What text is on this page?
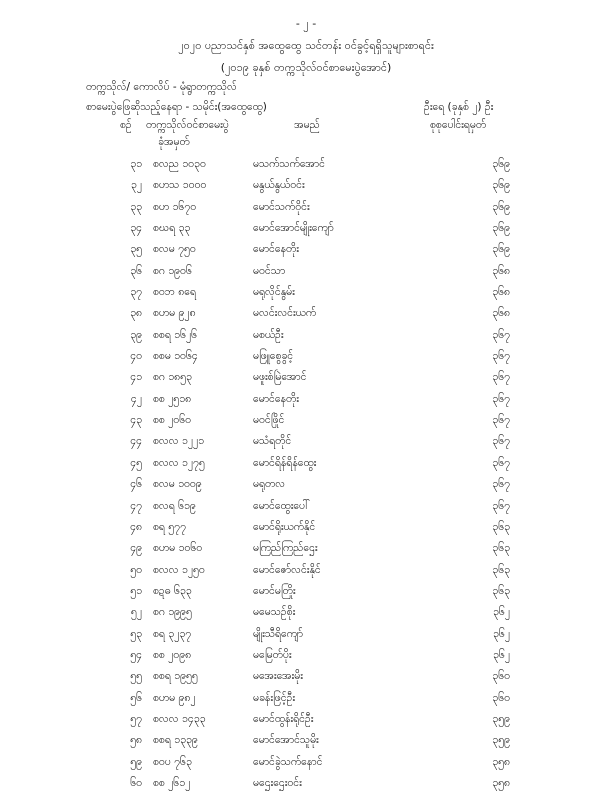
- ၂ -
၂၀၂၀ ပညာသင်နှစ် အထွေထွေ သင်တန်း ဝင်ခွင့်ရရှိသူများစာရင်း
(၂၀၁၉ ခုနှစ် တက္ကသိုလ်ဝင်စာမေးပွဲအောင်)
တက္ကသိုလ်/ ကောလိပ် - မုံရွာတက္ကသိုလ်
စာမေးပွဲဖြေဆိုသည့်နေရာ - သမိုင်း(အထွေထွေ)	ဦးရေ (ခုနှစ် ၂) ဦး
စဉ် တက္ကသိုလ်ဝင်စာမေးပွဲ
ခုံအမှတ်
အမည်	စုစုပေါင်းရမှတ်
၃၁ စလည ၁၀၃၀	မသက်သက်အောင်	၃၆၉
၃၂ စဟသ ၁၀၀၀	မနွယ်နွယ်ဝင်း	၃၆၉
၃၃ စဟ ၁၆၇၀	မောင်သက်ဝိုင်း	၃၆၉
၃၄ စဃရ ၃၃	မောင်အောင်မျိုးကျော်	၃၆၉
၃၅ စလမ ၇၅၀	မောင်နေတိုး	၃၆၉
၃၆ စဂ ၁၉၀၆	မဝင်သာ	၃၆၈
၃၇ စဝဘ ၈ရေ	မရုလိုင်နွမ်း	၃၆၈
၃၈ စဟမ ၉၂၈	မလင်းလင်းယက်	၃၆၈
၃၉ စစရ ၁၆၂၆	မစယ်ဦး	၃၆၇
၄၀ စစမ ၁၀၆၄	မဖြူစွေခွင့်	၃၆၇
၄၁ စဂ ၁၈၅၃	မဖူးစ်မြဲအောင်	၃၆၇
၄၂ စစ ၂၅၁၈	မောင်နေတိုး	၃၆၇
၄၃ စစ ၂၀၆၀	မဝင်ဖြိုင်	၃၆၇
၄၄ စလလ ၁၂၂၁	မသံရတိုင်	၃၆၇
၄၅ စလလ ၁၂၇၅	မောင်ရိန်ရိန်ထွေး	၃၆၇
၄၆ စလမ ၁၀၀၉	မရုတလ	၃၆၇
၄၇ စလရ ၆၁၉	မောင်ထွေးပေါ်	၃၆၇
၄၈ စရ ၅၇၇	မောင်ရိုးယက်နိုင်	၃၆၃
၄၉ စဟမ ၁၀၆၀	မကြည်ကြည်ဌေး	၃၆၃
၅၀ စလလ ၁၂၅၀	မောင်ဇော်လင်းနိုင်	၃၆၃
၅၁ စဍဓ ၆၃၃	မောင်မတြိုး	၃၆၃
၅၂ စဂ ၁၉၉၅	မမေသဉ်စိုး	၃၆၂
၅၃ စရ ၃၂၃၇	မျိုးသီရိကျော်	၃၆၂
၅၄ စစ ၂၀၉၈	မမြေတ်ပိုး	၃၆၂
၅၅ စစရ ၁၉၅၅	မအေးအေးမိုး	၃၆၀
၅၆ စဟမ ၉၈၂	မခန်းဖြင့်ဦး	၃၆၀
၅၇ စလလ ၁၄၃၃	မောင်ထွန်းရိုင်ဦး	၃၅၉
၅၈ စစရ ၁၃၃၉	မောင်အောင်သူမိုး	၃၅၉
၅၉ စဝပ ၇၆၃	မောင်ခွဲသက်နောင်	၃၅၈
၆၀ စစ ၂၆၁၂	မဌေးဌေးဝင်း	၃၅၈
